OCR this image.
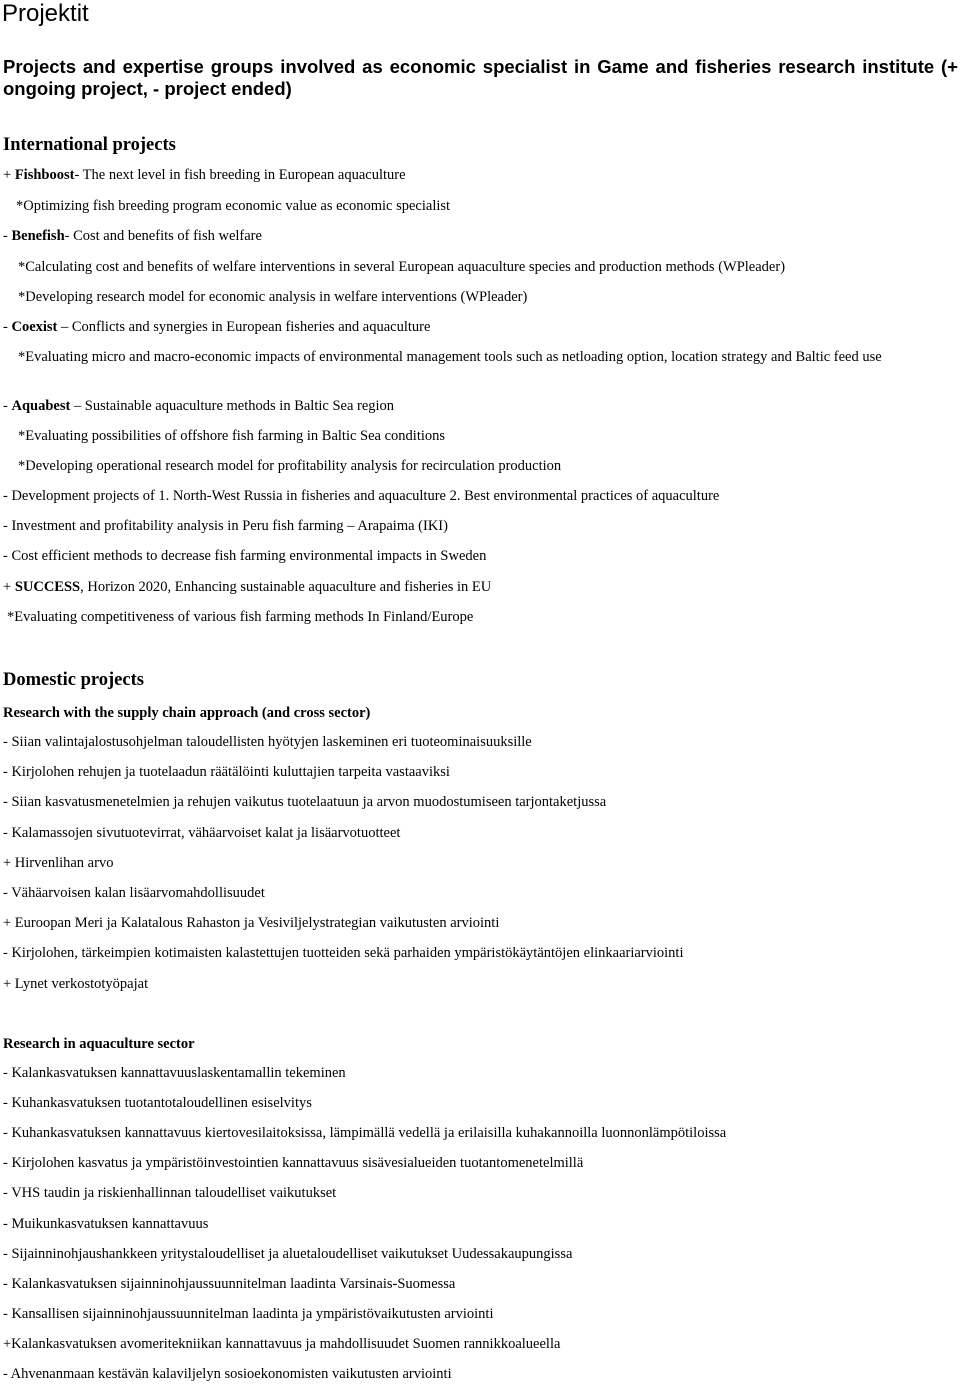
Projektit
Projects and expertise groups involved as economic specialist in Game and fisheries research institute (+ ongoing project, - project ended)
International projects
Domestic projects
Research with the supply chain approach (and cross sector)
Research in aquaculture sector
+ Fishboost- The next level in fish breeding in European aquaculture
*Optimizing fish breeding program economic value as economic specialist
- Benefish- Cost and benefits of fish welfare
*Calculating cost and benefits of welfare interventions in several European aquaculture species and production methods (WPleader)
*Developing research model for economic analysis in welfare interventions (WPleader)
- Coexist – Conflicts and synergies in European fisheries and aquaculture
*Evaluating micro and macro-economic impacts of environmental management tools such as netloading option, location strategy and Baltic feed use
- Aquabest – Sustainable aquaculture methods in Baltic Sea region
*Evaluating possibilities of offshore fish farming in Baltic Sea conditions
*Developing operational research model for profitability analysis for recirculation production
- Development projects of 1. North-West Russia in fisheries and aquaculture 2. Best environmental practices of aquaculture
- Investment and profitability analysis in Peru fish farming – Arapaima (IKI)
- Cost efficient methods to decrease fish farming environmental impacts in Sweden
+ SUCCESS, Horizon 2020, Enhancing sustainable aquaculture and fisheries in EU
*Evaluating competitiveness of various fish farming methods In Finland/Europe
- Siian valintajalostusohjelman taloudellisten hyötyjen laskeminen eri tuoteominaisuuksille
- Kirjolohen rehujen ja tuotelaadun räätälöinti kuluttajien tarpeita vastaaviksi
- Siian kasvatusmenetelmien ja rehujen vaikutus tuotelaatuun ja arvon muodostumiseen tarjontaketjussa
- Kalamassojen sivutuotevirrat, vähäarvoiset kalat ja lisäarvotuotteet
+ Hirvenlihan arvo
- Vähäarvoisen kalan lisäarvomahdollisuudet
+ Euroopan Meri ja Kalatalous Rahaston ja Vesiviljelystrategian vaikutusten arviointi
- Kirjolohen, tärkeimpien kotimaisten kalastettujen tuotteiden sekä parhaiden ympäristökäytäntöjen elinkaariarviointi
+ Lynet verkostotyöpajat
- Kalankasvatuksen kannattavuuslaskentamallin tekeminen
- Kuhankasvatuksen tuotantotaloudellinen esiselvitys
- Kuhankasvatuksen kannattavuus kiertovesilaitoksissa, lämpimällä vedellä ja erilaisilla kuhakannoilla luonnonlämpötiloissa
- Kirjolohen kasvatus ja ympäristöinvestointien kannattavuus sisävesialueiden tuotantomenetelmillä
- VHS taudin ja riskienhallinnan taloudelliset vaikutukset
- Muikunkasvatuksen kannattavuus
- Sijainninohjaushankkeen yritystaloudelliset ja aluetaloudelliset vaikutukset Uudessakaupungissa
- Kalankasvatuksen sijainninohjaussuunnitelman laadinta Varsinais-Suomessa
- Kansallisen sijainninohjaussuunnitelman laadinta ja ympäristövaikutusten arviointi
+Kalankasvatuksen avomeritekniikan kannattavuus ja mahdollisuudet Suomen rannikkoalueella
- Ahvenanmaan kestävän kalaviljelyn sosioekonomisten vaikutusten arviointi
